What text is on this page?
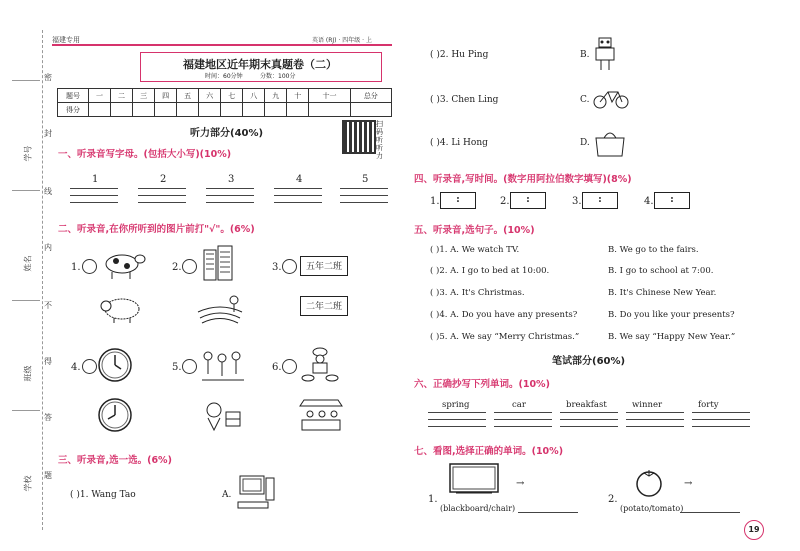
密
封
线
内
不
得
答
题
学号
姓名
班级
学校
福建专用	英语 (RJ) · 四年级 · 上
福建地区近年期末真题卷（二）
时间：60分钟	分数：100分
题号	一	二	三	四	五	六	七	八	九	十	十一	总分
得分												
扫码听听力
听力部分(40%)
一、听录音写字母。(包括大小写)(10%)
1	2	3	4	5
二、听录音,在你所听到的图片前打"√"。(6%)
1.	2.	3.	五年二班
二年二班
4.	5.	6.
三、听录音,选一选。(6%)
( )1. Wang Tao	A.
19
( )2. Hu Ping	B.
( )3. Chen Ling	C.
( )4. Li Hong	D.
四、听录音,写时间。(数字用阿拉伯数字填写)(8%)
1.	:	2.	:	3.	:	4.	:
五、听录音,选句子。(10%)
( )1. A. We watch TV.	B. We go to the fairs.
( )2. A. I go to bed at 10:00.	B. I go to school at 7:00.
( )3. A. It's Christmas.	B. It's Chinese New Year.
( )4. A. Do you have any presents?	B. Do you like your presents?
( )5. A. We say “Merry Christmas.”	B. We say “Happy New Year.”
笔试部分(60%)
六、正确抄写下列单词。(10%)
spring	car	breakfast	winner	forty
七、看图,选择正确的单词。(10%)
1.
(blackboard/chair)
→
2.
(potato/tomato)
→
